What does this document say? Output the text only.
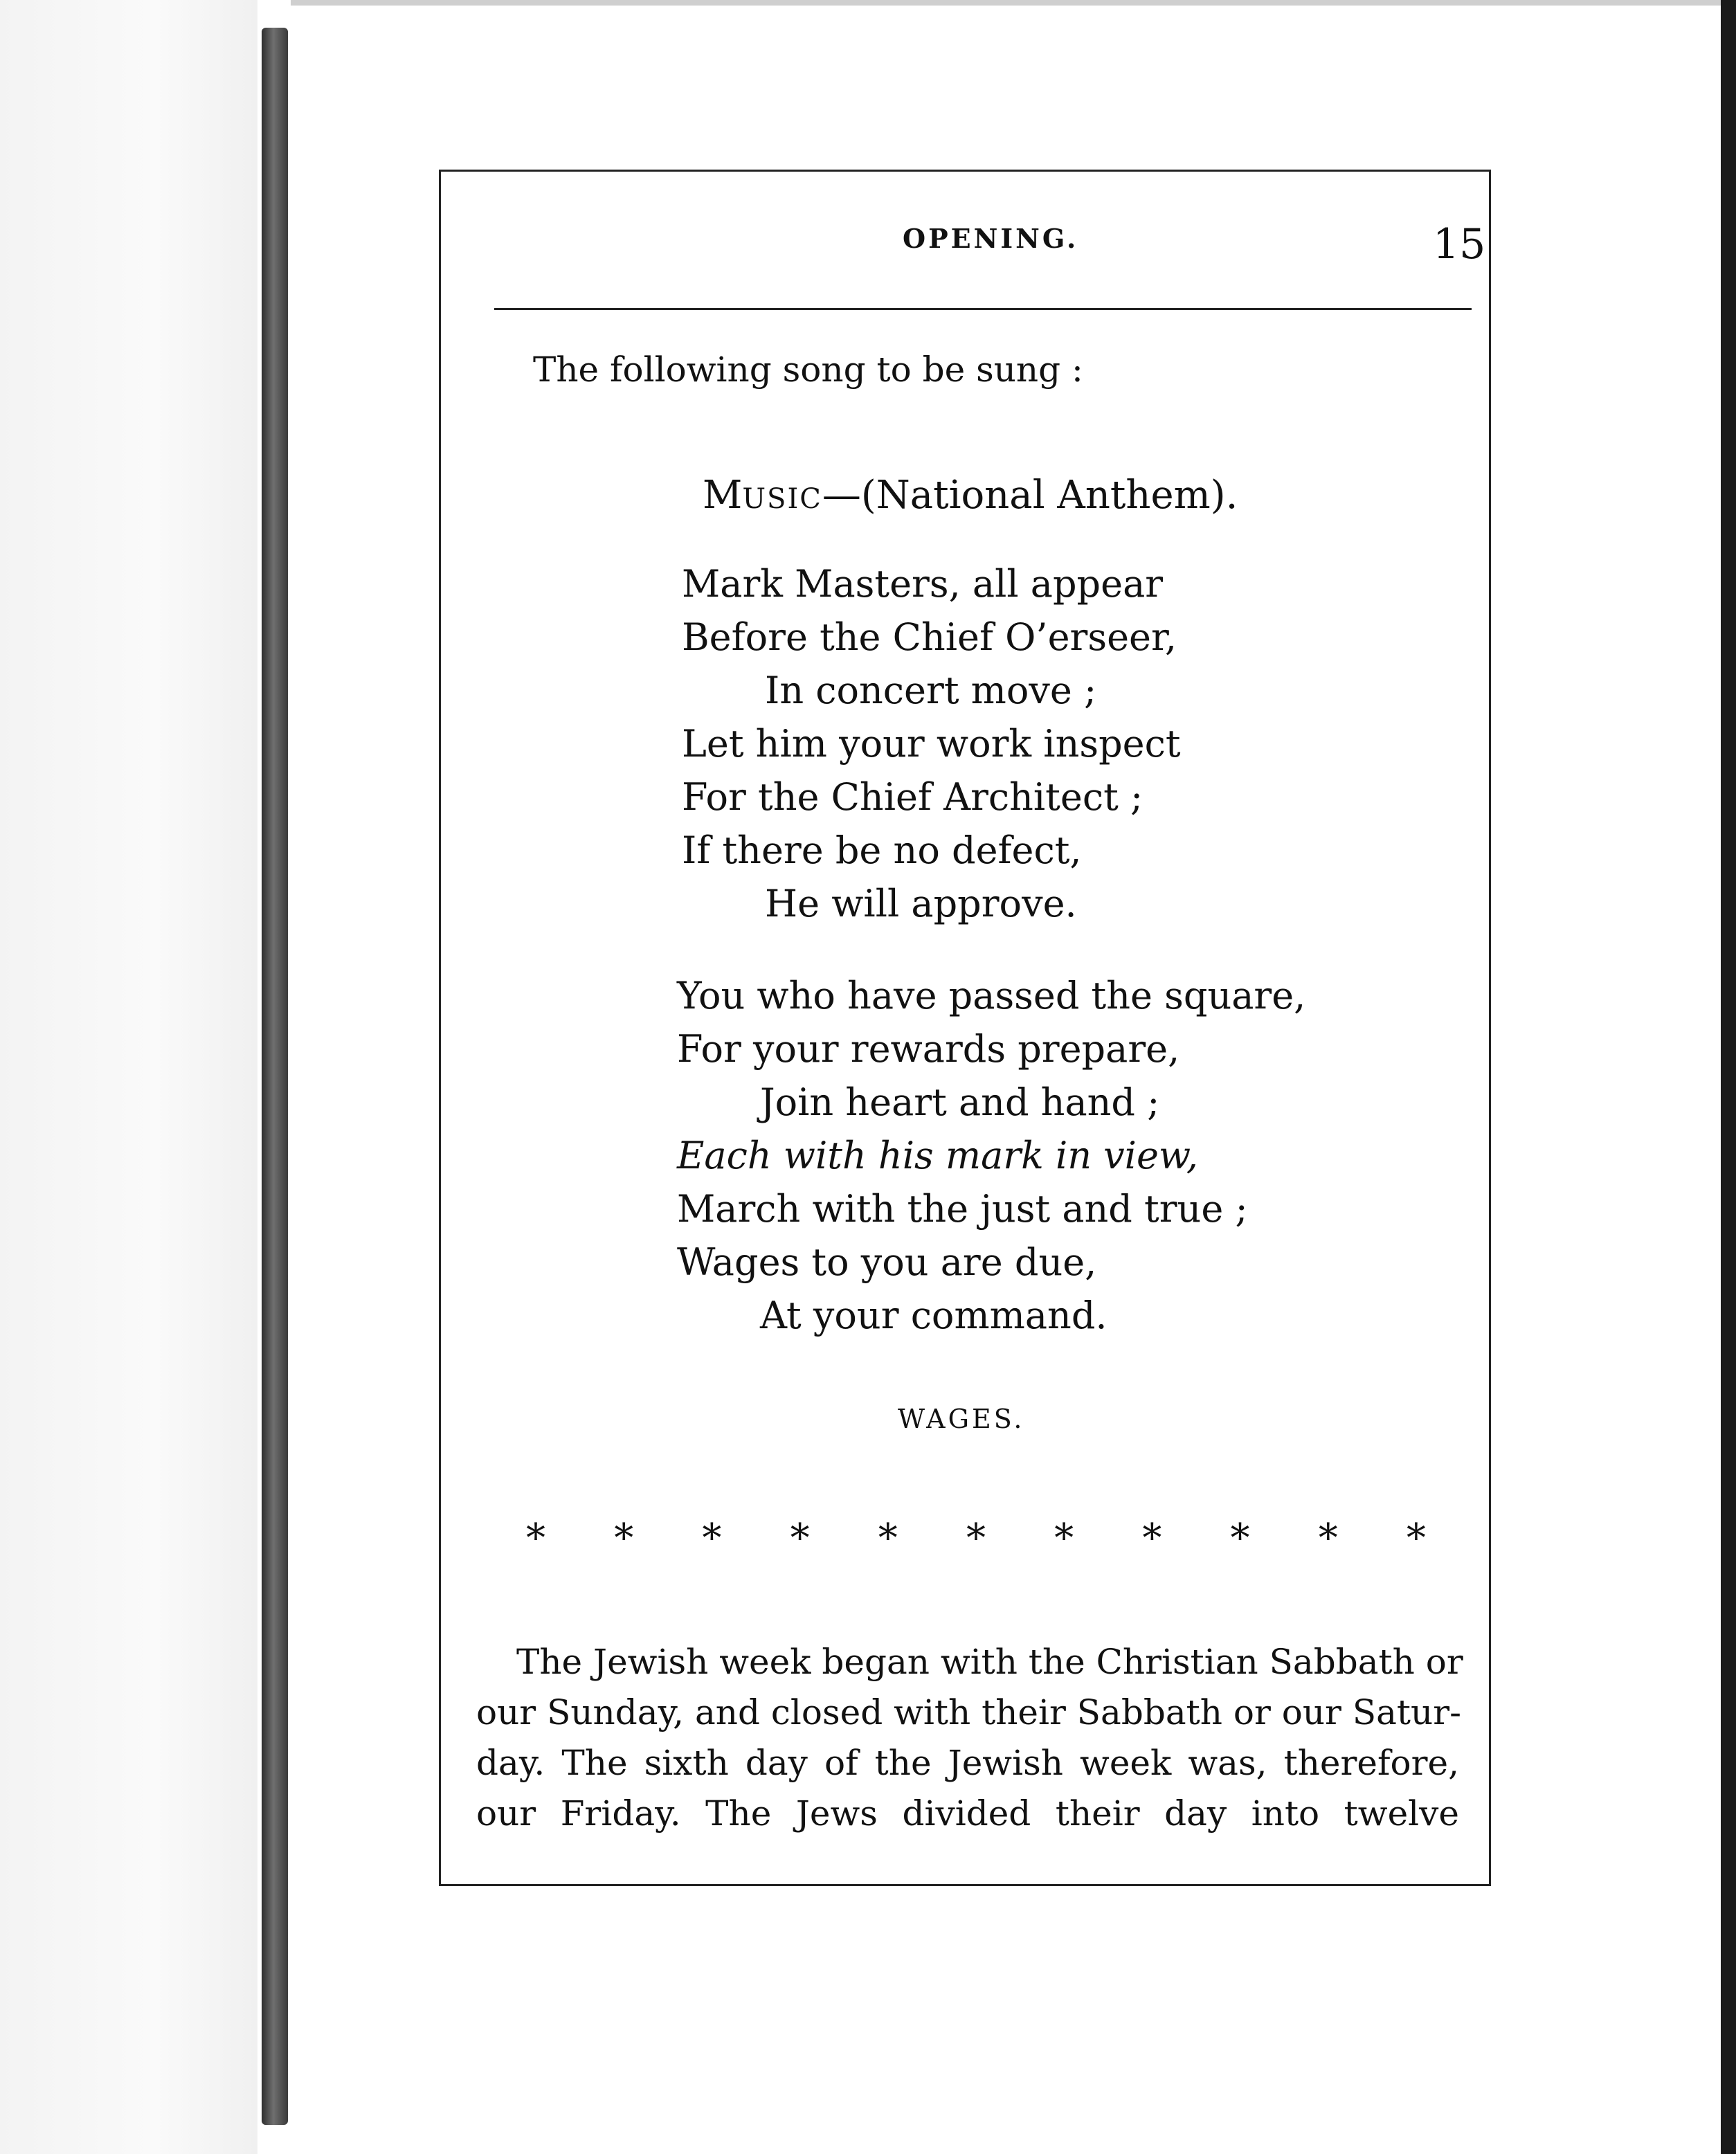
OPENING.	15
The following song to be sung :
MUSIC—(National Anthem).
Mark Masters, all appear
Before the Chief O’erseer,
In concert move ;
Let him your work inspect
For the Chief Architect ;
If there be no defect,
He will approve.
You who have passed the square,
For your rewards prepare,
Join heart and hand ;
Each with his mark in view,
March with the just and true ;
Wages to you are due,
At your command.
WAGES.
* * * * * * * * * * *
The Jewish week began with the Christian Sabbath or
our Sunday, and closed with their Sabbath or our Satur-
day. The sixth day of the Jewish week was, therefore,
our Friday. The Jews divided their day into twelve
